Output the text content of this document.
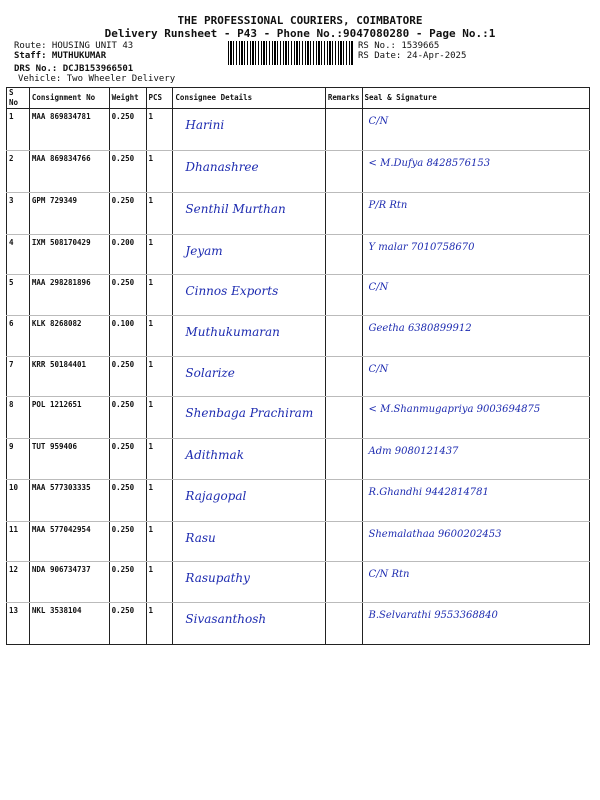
THE PROFESSIONAL COURIERS, COIMBATORE
Delivery Runsheet - P43 - Phone No.:9047080280 - Page No.:1
Route: HOUSING UNIT 43
Staff: MUTHUKUMAR
DRS No.: DCJB153966501
Vehicle: Two Wheeler Delivery
RS No.: 1539665
RS Date: 24-Apr-2025
S No	Consignment No	Weight	PCS	Consignee Details	Remarks	Seal & Signature
1	MAA 869834781	0.250	1	Harini		C/N

2	MAA 869834766	0.250	1	Dhanashree		< M.Dufya 8428576153

3	GPM 729349	0.250	1	Senthil Murthan		P/R Rtn

4	IXM 508170429	0.200	1	Jeyam		Y malar 7010758670

5	MAA 298281896	0.250	1	Cinnos Exports		C/N

6	KLK 8268082	0.100	1	Muthukumaran		Geetha 6380899912

7	KRR 50184401	0.250	1	Solarize		C/N

8	POL 1212651	0.250	1	Shenbaga Prachiram		< M.Shanmugapriya 9003694875

9	TUT 959406	0.250	1	Adithmak		Adm 9080121437

10	MAA 577303335	0.250	1	Rajagopal		R.Ghandhi 9442814781

11	MAA 577042954	0.250	1	Rasu		Shemalathaa 9600202453

12	NDA 906734737	0.250	1	Rasupathy		C/N Rtn

13	NKL 3538104	0.250	1	Sivasanthosh		B.Selvarathi 9553368840
